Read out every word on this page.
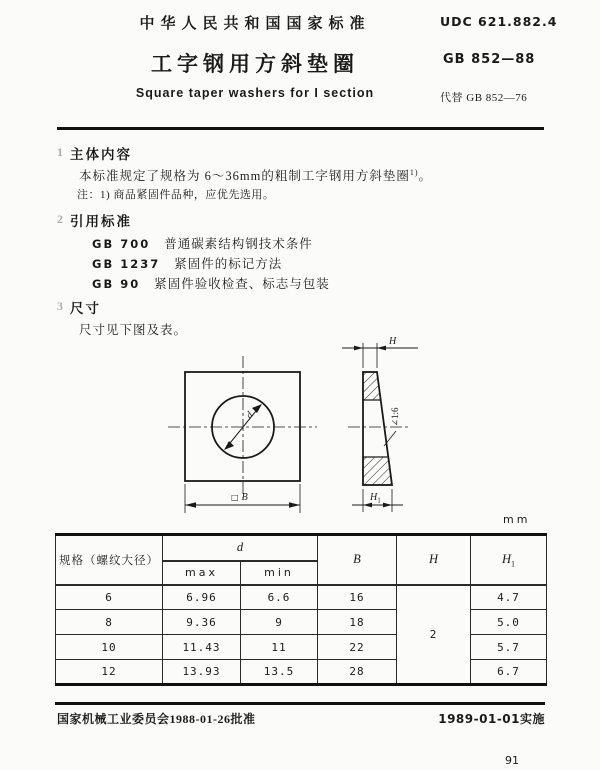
中华人民共和国国家标准	UDC 621.882.4
工字钢用方斜垫圈	GB 852—88
Square taper washers for I section	代替 GB 852—76
1 主体内容
本标准规定了规格为 6～36mm的粗制工字钢用方斜垫圈$^{1)}$。
注：1) 商品紧固件品种，应优先选用。
2 引用标准
GB 700 普通碳素结构钢技术条件
GB 1237 紧固件的标记方法
GB 90 紧固件验收检查、标志与包装
3 尺寸
尺寸见下图及表。
d
□ B
H
$H_1$
∠1:6
mm
规格（螺纹大径）	d		B	H	$H_1$
	max	min			
6	6.96	6.6	16	2	4.7
8	9.36	9	18		5.0
10	11.43	11	22		5.7
12	13.93	13.5	28		6.7
国家机械工业委员会1988-01-26批准	1989-01-01实施
91
